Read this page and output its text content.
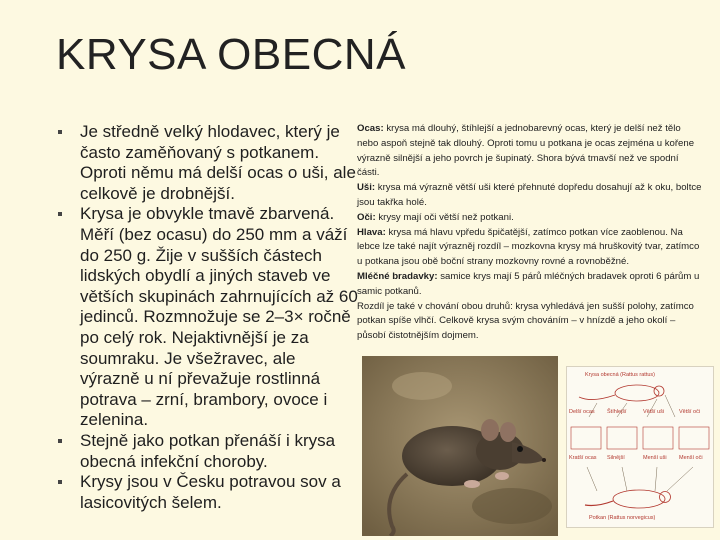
KRYSA OBECNÁ
Je středně velký hlodavec, který je často zaměňovaný s potkanem. Oproti němu má delší ocas o uši, ale celkově je drobnější.
Krysa je obvykle tmavě zbarvená. Měří (bez ocasu) do 250 mm a váží do 250 g. Žije v sušších částech lidských obydlí a jiných staveb ve větších skupinách zahrnujících až 60 jedinců. Rozmnožuje se 2–3× ročně po celý rok. Nejaktivnější je za soumraku. Je všežravec, ale výrazně u ní převažuje rostlinná potrava – zrní, brambory, ovoce i zelenina.
Stejně jako potkan přenáší i krysa obecná infekční choroby.
Krysy jsou v Česku potravou sov a lasicovitých šelem.

Ocas: krysa má dlouhý, štíhlejší a jednobarevný ocas, který je delší než tělo nebo aspoň stejně tak dlouhý. Oproti tomu u potkana je ocas zejména u kořene výrazně silnější a jeho povrch je šupinatý. Shora bývá tmavší než ve spodní části.

Uši: krysa má výrazně větší uši které přehnuté dopředu dosahují až k oku, boltce jsou takřka holé.

Oči: krysy mají oči větší než potkani.

Hlava: krysa má hlavu vpředu špičatější, zatímco potkan více zaoblenou. Na lebce lze také najít výrazněj rozdíl – mozkovna krysy má hruškovitý tvar, zatímco u potkana jsou obě boční strany mozkovny rovné a rovnoběžné.

Mléčné bradavky: samice krys mají 5 párů mléčných bradavek oproti 6 párům u samic potkanů.

Rozdíl je také v chování obou druhů: krysa vyhledává jen sušší polohy, zatímco potkan spíše vlhčí. Celkově krysa svým chováním – v hnízdě a jeho okolí – působí čistotnějším dojmem.

Krysa obecná (Rattus rattus)
Delší ocas Štíhlejší	Větší uši	Větší oči
Kratší ocas Silnější	Menší uši Menší oči
Potkan (Rattus norvegicus)
